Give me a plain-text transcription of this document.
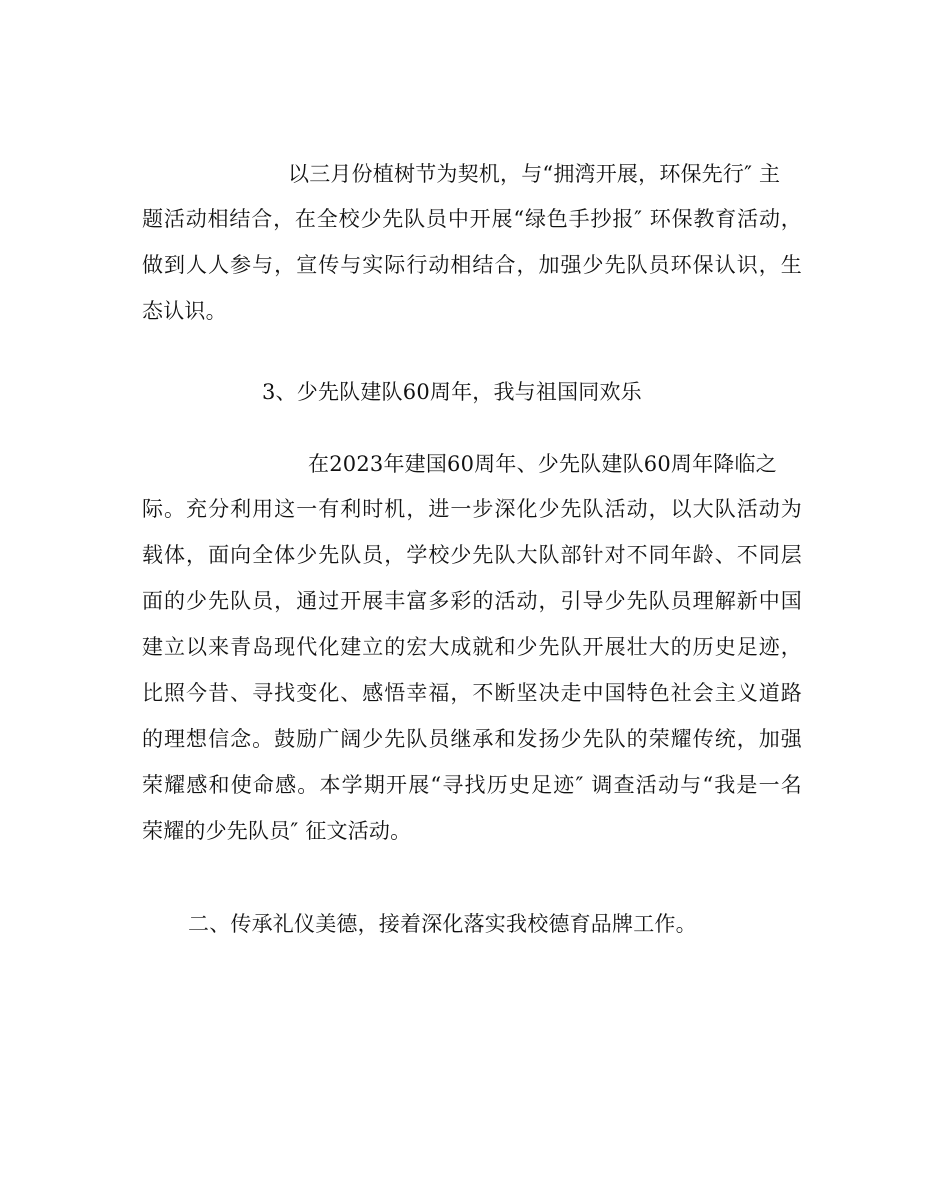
以三月份植树节为契机，与“拥湾开展，环保先行″ 主
题活动相结合，在全校少先队员中开展“绿色手抄报″ 环保教育活动，
做到人人参与，宣传与实际行动相结合，加强少先队员环保认识，生
态认识。
3、少先队建队60周年，我与祖国同欢乐
在2023年建国60周年、少先队建队60周年降临之
际。充分利用这一有利时机，进一步深化少先队活动，以大队活动为
载体，面向全体少先队员，学校少先队大队部针对不同年龄、不同层
面的少先队员，通过开展丰富多彩的活动，引导少先队员理解新中国
建立以来青岛现代化建立的宏大成就和少先队开展壮大的历史足迹，
比照今昔、寻找变化、感悟幸福，不断坚决走中国特色社会主义道路
的理想信念。鼓励广阔少先队员继承和发扬少先队的荣耀传统，加强
荣耀感和使命感。本学期开展“寻找历史足迹″ 调查活动与“我是一名
荣耀的少先队员″ 征文活动。
二、传承礼仪美德，接着深化落实我校德育品牌工作。
